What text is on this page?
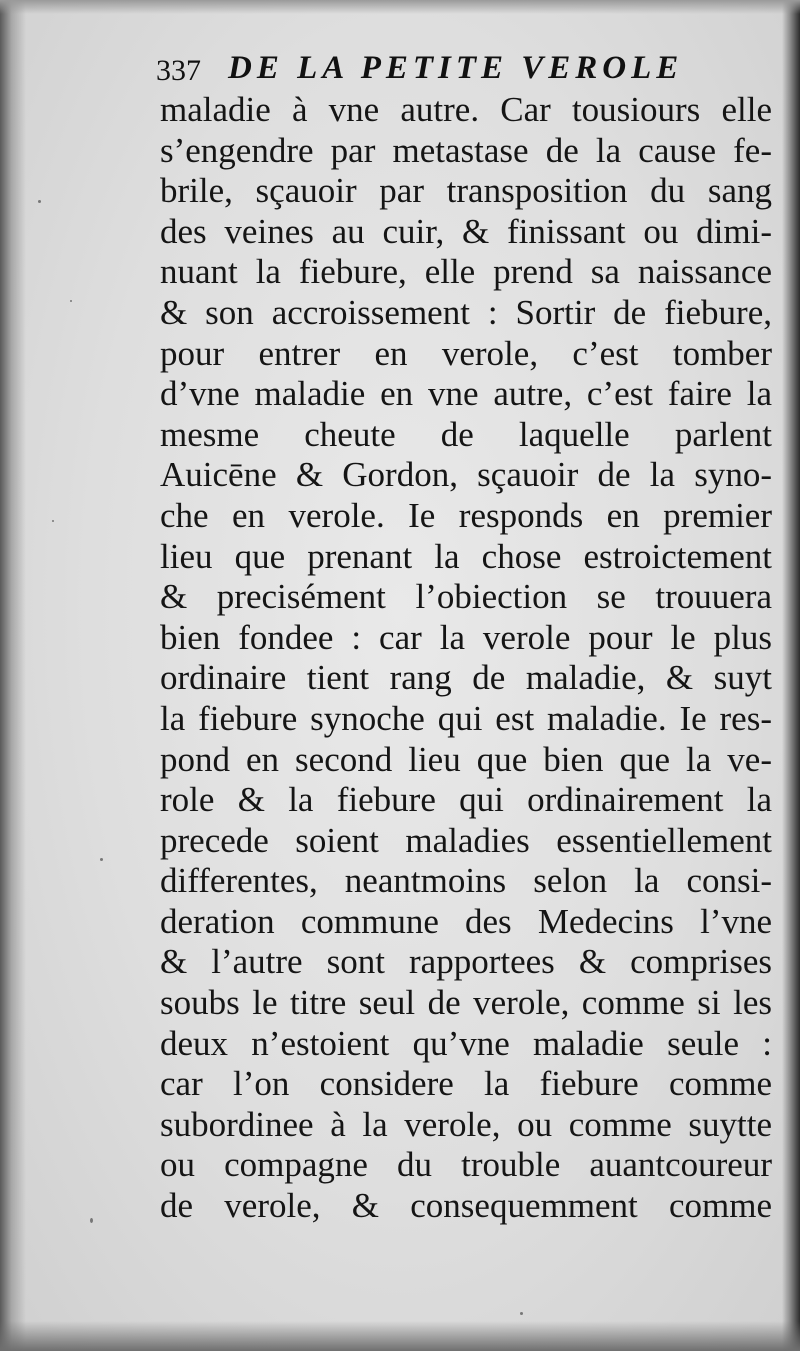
337 DE LA PETITE VEROLE
maladie à vne autre. Car tousiours elle
s’engendre par metastase de la cause fe-
brile, sçauoir par transposition du sang
des veines au cuir, & finissant ou dimi-
nuant la fiebure, elle prend sa naissance
& son accroissement : Sortir de fiebure,
pour entrer en verole, c’est tomber
d’vne maladie en vne autre, c’est faire la
mesme cheute de laquelle parlent
Auicēne & Gordon, sçauoir de la syno-
che en verole. Ie responds en premier
lieu que prenant la chose estroictement
& precisément l’obiection se trouuera
bien fondee : car la verole pour le plus
ordinaire tient rang de maladie, & suyt
la fiebure synoche qui est maladie. Ie res-
pond en second lieu que bien que la ve-
role & la fiebure qui ordinairement la
precede soient maladies essentiellement
differentes, neantmoins selon la consi-
deration commune des Medecins l’vne
& l’autre sont rapportees & comprises
soubs le titre seul de verole, comme si les
deux n’estoient qu’vne maladie seule :
car l’on considere la fiebure comme
subordinee à la verole, ou comme suytte
ou compagne du trouble auantcoureur
de verole, & consequemment comme
